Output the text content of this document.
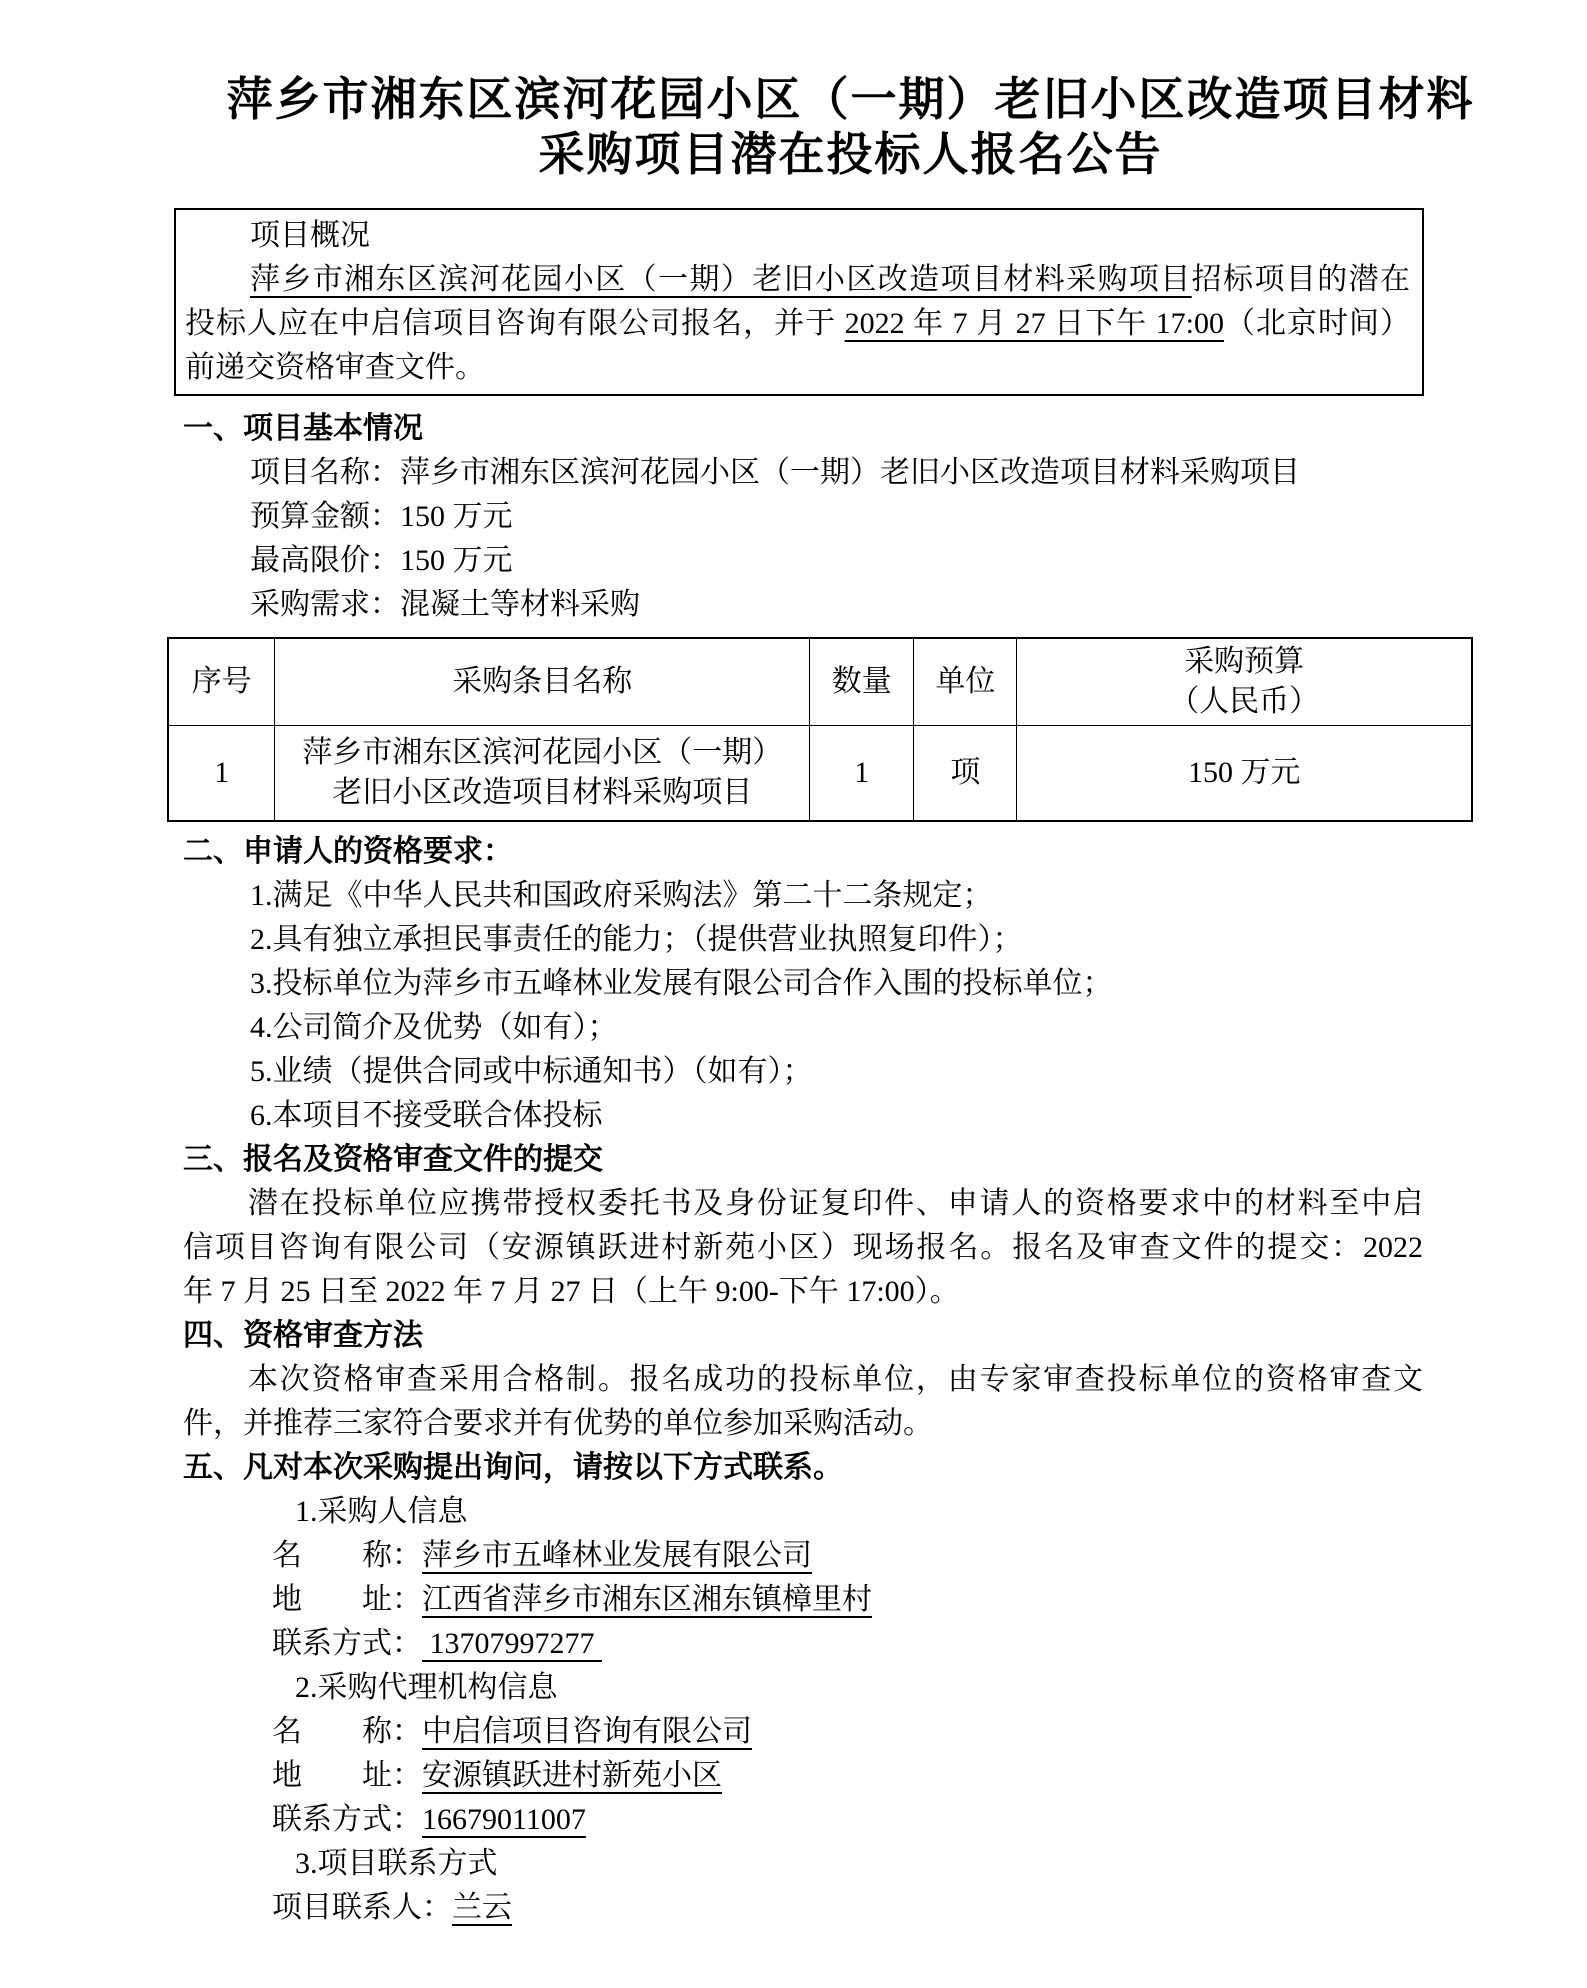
萍乡市湘东区滨河花园小区（一期）老旧小区改造项目材料
采购项目潜在投标人报名公告
项目概况
萍乡市湘东区滨河花园小区（一期）老旧小区改造项目材料采购项目招标项目的潜在
投标人应在中启信项目咨询有限公司报名，并于 2022 年 7 月 27 日下午 17:00（北京时间）
前递交资格审查文件。
一、项目基本情况
项目名称：萍乡市湘东区滨河花园小区（一期）老旧小区改造项目材料采购项目
预算金额：150 万元
最高限价：150 万元
采购需求：混凝土等材料采购
序号	采购条目名称	数量	单位	采购预算
（人民币）

1	萍乡市湘东区滨河花园小区（一期）
老旧小区改造项目材料采购项目	1	项	150 万元
二、申请人的资格要求：
1.满足《中华人民共和国政府采购法》第二十二条规定；
2.具有独立承担民事责任的能力；（提供营业执照复印件）；
3.投标单位为萍乡市五峰林业发展有限公司合作入围的投标单位；
4.公司简介及优势（如有）；
5.业绩（提供合同或中标通知书）（如有）；
6.本项目不接受联合体投标
三、报名及资格审查文件的提交
潜在投标单位应携带授权委托书及身份证复印件、申请人的资格要求中的材料至中启
信项目咨询有限公司（安源镇跃进村新苑小区）现场报名。报名及审查文件的提交：2022
年 7 月 25 日至 2022 年 7 月 27 日（上午 9:00-下午 17:00）。
四、资格审查方法
本次资格审查采用合格制。报名成功的投标单位，由专家审查投标单位的资格审查文
件，并推荐三家符合要求并有优势的单位参加采购活动。
五、凡对本次采购提出询问，请按以下方式联系。
1.采购人信息
名　　称：萍乡市五峰林业发展有限公司
地　　址：江西省萍乡市湘东区湘东镇樟里村
联系方式： 13707997277
2.采购代理机构信息
名　　称：中启信项目咨询有限公司
地　　址：安源镇跃进村新苑小区
联系方式：16679011007
3.项目联系方式
项目联系人：兰云
